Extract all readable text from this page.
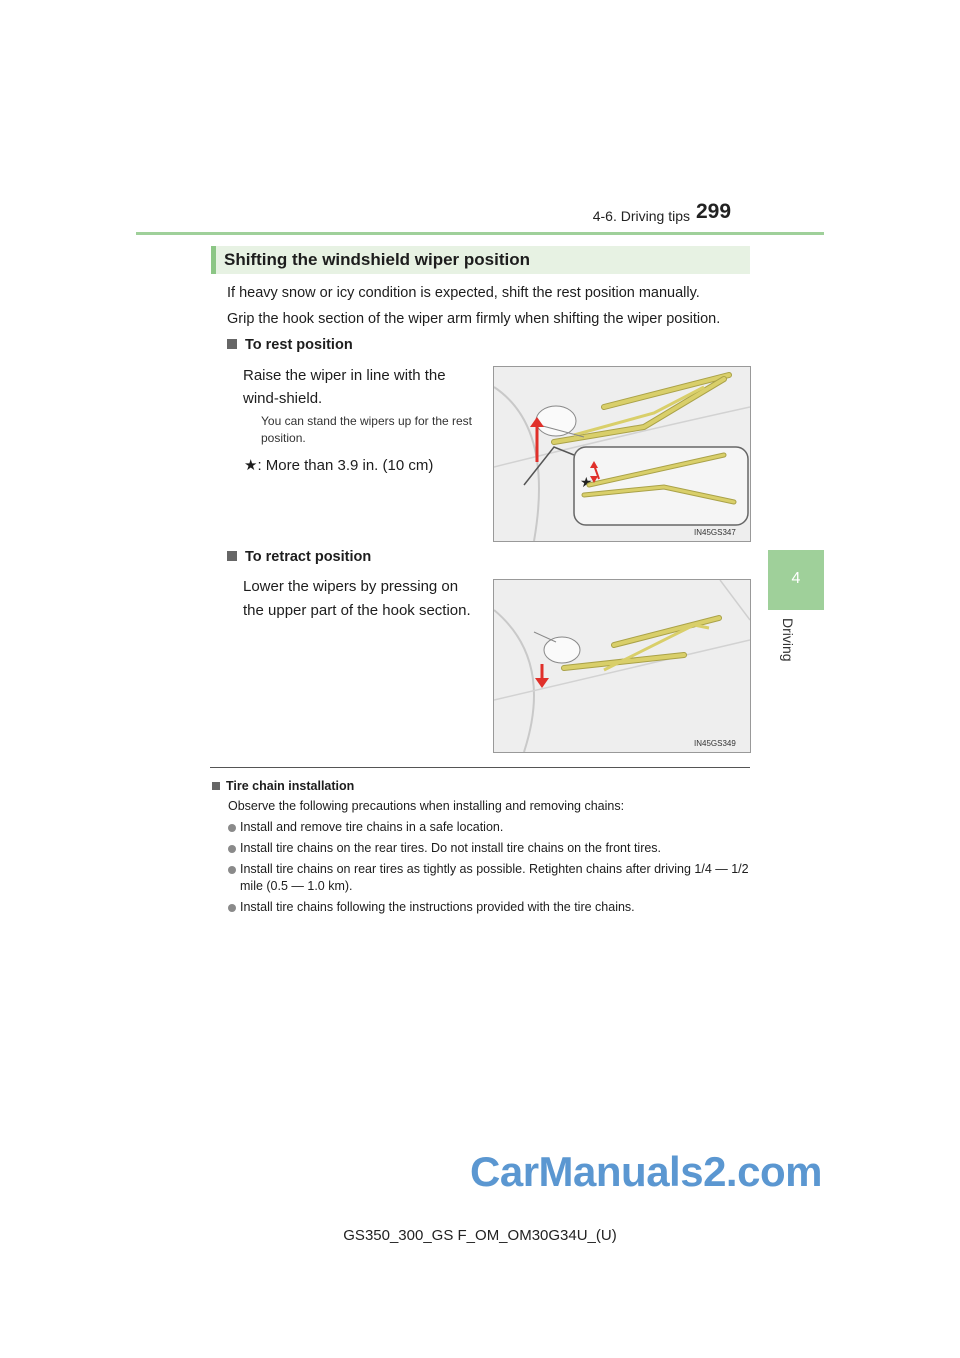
4-6. Driving tips 299
4
Driving
Shifting the windshield wiper position
If heavy snow or icy condition is expected, shift the rest position manually.
Grip the hook section of the wiper arm firmly when shifting the wiper position.
To rest position
Raise the wiper in line with the wind-shield.
You can stand the wipers up for the rest position.
★: More than 3.9 in. (10 cm)
★
IN45GS347
To retract position
Lower the wipers by pressing on the upper part of the hook section.
IN45GS349
Tire chain installation
Observe the following precautions when installing and removing chains:
Install and remove tire chains in a safe location.
Install tire chains on the rear tires. Do not install tire chains on the front tires.
Install tire chains on rear tires as tightly as possible. Retighten chains after driving 1/4 — 1/2 mile (0.5 — 1.0 km).
Install tire chains following the instructions provided with the tire chains.
CarManuals2.com
GS350_300_GS F_OM_OM30G34U_(U)
